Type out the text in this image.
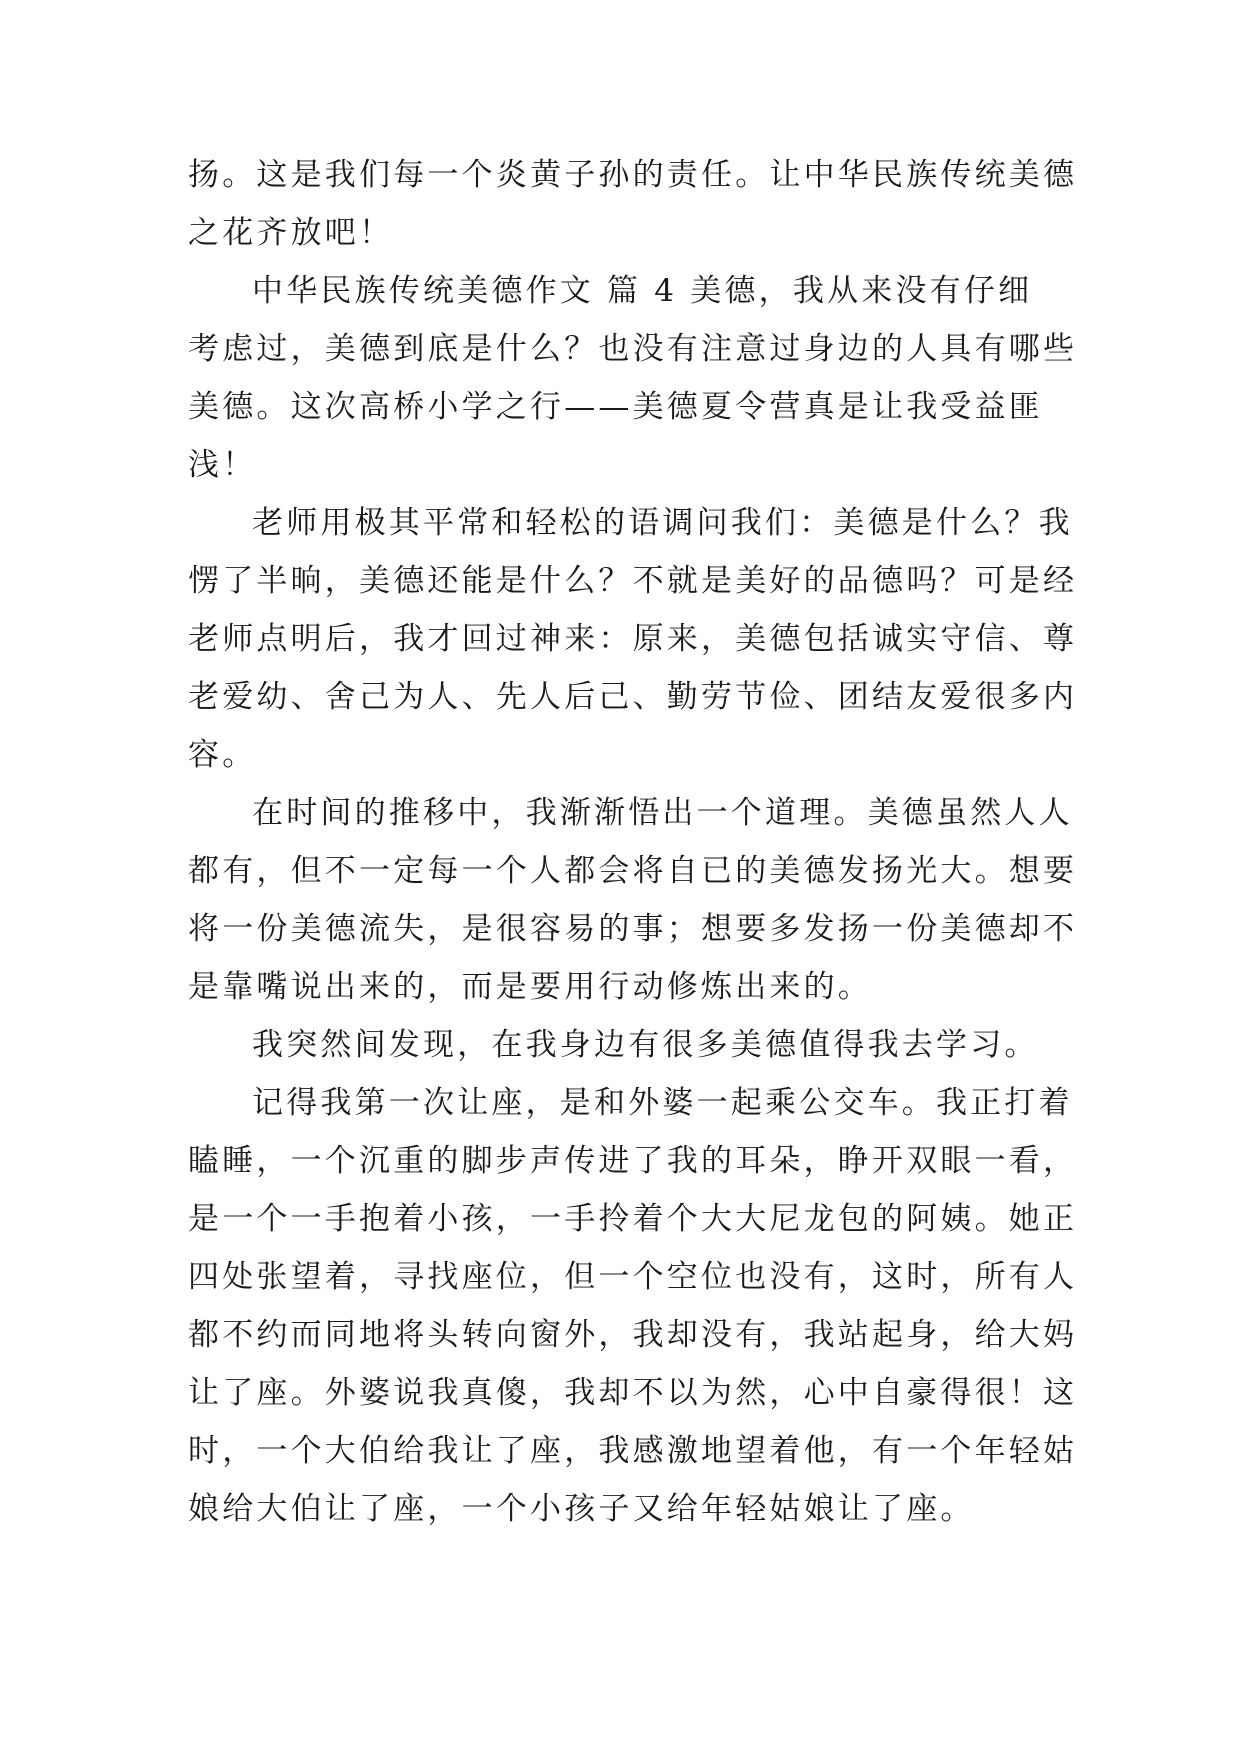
扬。这是我们每一个炎黄子孙的责任。让中华民族传统美德
之花齐放吧！
中华民族传统美德作文 篇 4 美德，我从来没有仔细
考虑过，美德到底是什么？也没有注意过身边的人具有哪些
美德。这次高桥小学之行——美德夏令营真是让我受益匪
浅！
老师用极其平常和轻松的语调问我们：美德是什么？我
愣了半晌，美德还能是什么？不就是美好的品德吗？可是经
老师点明后，我才回过神来：原来，美德包括诚实守信、尊
老爱幼、舍己为人、先人后己、勤劳节俭、团结友爱很多内
容。
在时间的推移中，我渐渐悟出一个道理。美德虽然人人
都有，但不一定每一个人都会将自已的美德发扬光大。想要
将一份美德流失，是很容易的事；想要多发扬一份美德却不
是靠嘴说出来的，而是要用行动修炼出来的。
我突然间发现，在我身边有很多美德值得我去学习。
记得我第一次让座，是和外婆一起乘公交车。我正打着
瞌睡，一个沉重的脚步声传进了我的耳朵，睁开双眼一看，
是一个一手抱着小孩，一手拎着个大大尼龙包的阿姨。她正
四处张望着，寻找座位，但一个空位也没有，这时，所有人
都不约而同地将头转向窗外，我却没有，我站起身，给大妈
让了座。外婆说我真傻，我却不以为然，心中自豪得很！这
时，一个大伯给我让了座，我感激地望着他，有一个年轻姑
娘给大伯让了座，一个小孩子又给年轻姑娘让了座。
